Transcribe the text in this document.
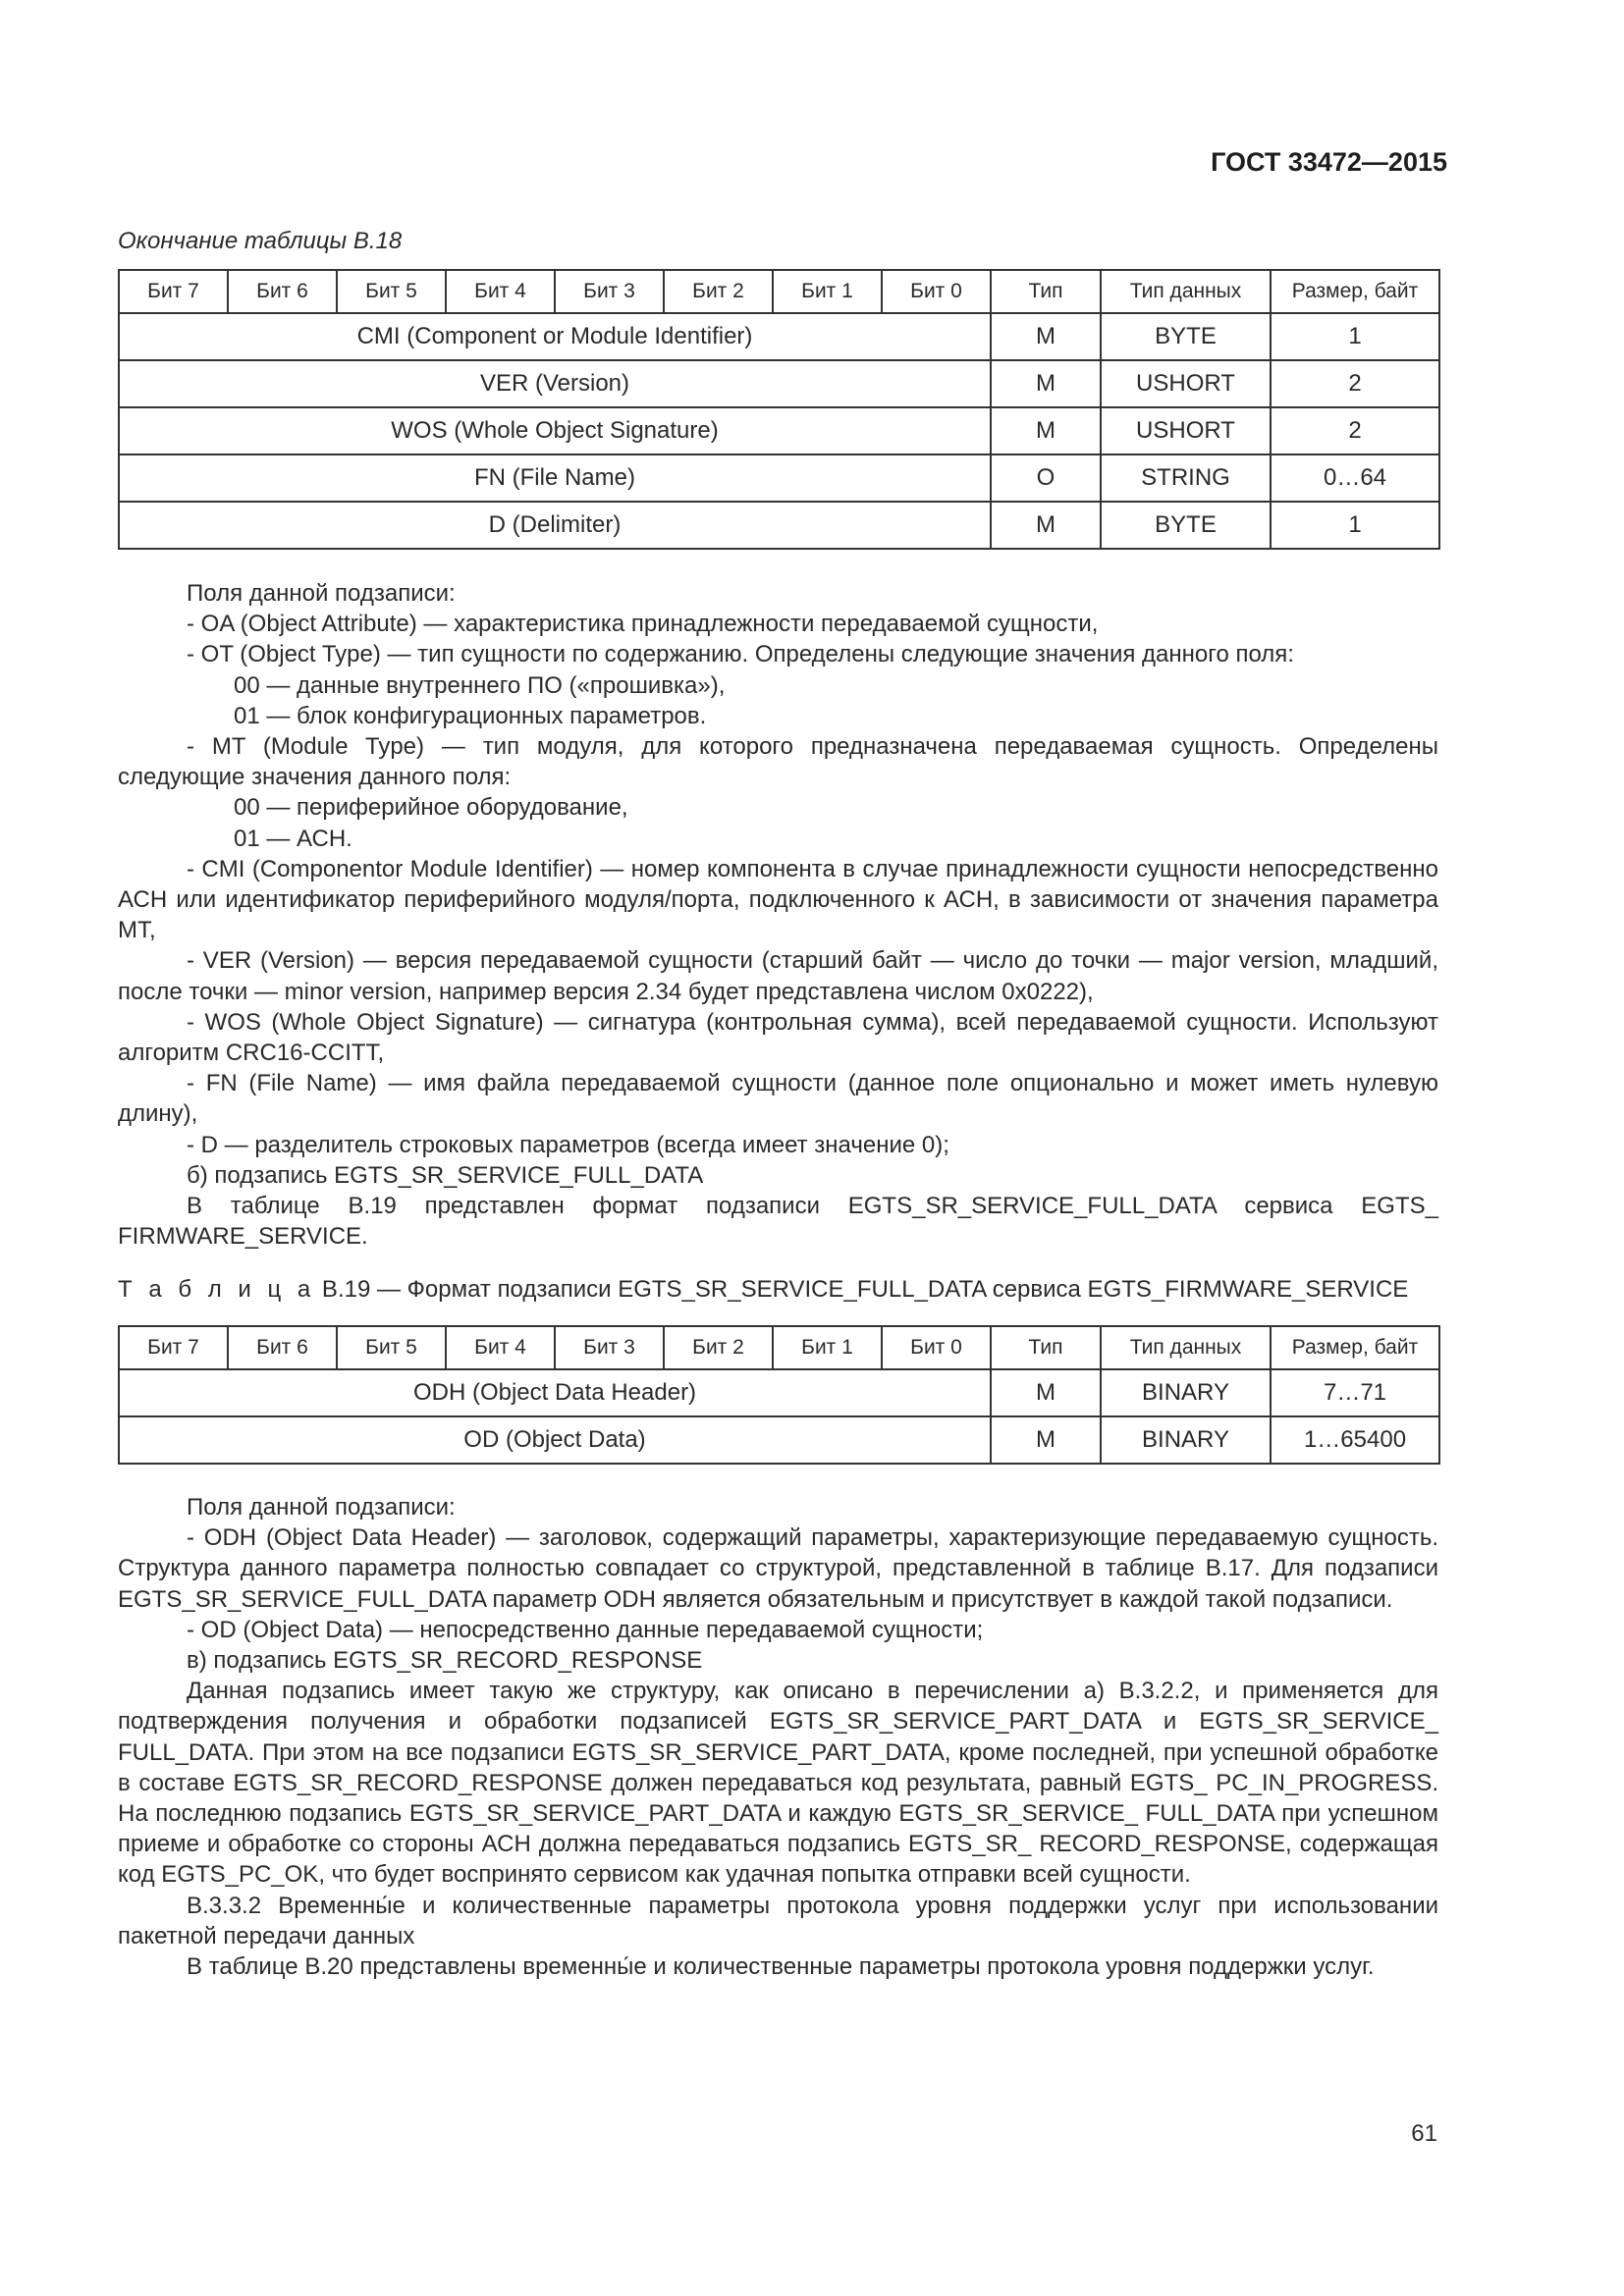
ГОСТ 33472—2015
Окончание таблицы В.18
Бит 7	Бит 6	Бит 5	Бит 4	Бит 3	Бит 2	Бит 1	Бит 0	Тип	Тип данных	Размер, байт
CMI (Component or Module Identifier)								M	BYTE	1
VER (Version)								M	USHORT	2
WOS (Whole Object Signature)								M	USHORT	2
FN (File Name)								O	STRING	0…64
D (Delimiter)								M	BYTE	1

Поля данной подзаписи:

- OA (Object Attribute) — характеристика принадлежности передаваемой сущности,

- OT (Object Type) — тип сущности по содержанию. Определены следующие значения данного поля:

00 — данные внутреннего ПО («прошивка»),

01 — блок конфигурационных параметров.

- MT (Module Type) — тип модуля, для которого предназначена передаваемая сущность. Определены следующие значения данного поля:

00 — периферийное оборудование,

01 — АСН.

- CMI (Componentor Module Identifier) — номер компонента в случае принадлежности сущности непосредственно АСН или идентификатор периферийного модуля/порта, подключенного к АСН, в зависимости от значения параметра MT,

- VER (Version) — версия передаваемой сущности (старший байт — число до точки — major version, младший, после точки — minor version, например версия 2.34 будет представлена числом 0x0222),

- WOS (Whole Object Signature) — сигнатура (контрольная сумма), всей передаваемой сущности. Используют алгоритм CRC16-CCITT,

- FN (File Name) — имя файла передаваемой сущности (данное поле опционально и может иметь нулевую длину),

- D — разделитель строковых параметров (всегда имеет значение 0);

б) подзапись EGTS_SR_SERVICE_FULL_DATA

В таблице В.19 представлен формат подзаписи EGTS_SR_SERVICE_FULL_DATA сервиса EGTS_ FIRMWARE_SERVICE.

Т а б л и ц а В.19 — Формат подзаписи EGTS_SR_SERVICE_FULL_DATA сервиса EGTS_FIRMWARE_SERVICE
Бит 7	Бит 6	Бит 5	Бит 4	Бит 3	Бит 2	Бит 1	Бит 0	Тип	Тип данных	Размер, байт
ODH (Object Data Header)								M	BINARY	7…71
OD (Object Data)								M	BINARY	1…65400

Поля данной подзаписи:

- ODH (Object Data Header) — заголовок, содержащий параметры, характеризующие передаваемую сущность. Структура данного параметра полностью совпадает со структурой, представленной в таблице В.17. Для подзаписи EGTS_SR_SERVICE_FULL_DATA параметр ODH является обязательным и присутствует в каждой такой подзаписи.

- OD (Object Data) — непосредственно данные передаваемой сущности;

в) подзапись EGTS_SR_RECORD_RESPONSE

Данная подзапись имеет такую же структуру, как описано в перечислении а) В.3.2.2, и применяется для подтверждения получения и обработки подзаписей EGTS_SR_SERVICE_PART_DATA и EGTS_SR_SERVICE_ FULL_DATA. При этом на все подзаписи EGTS_SR_SERVICE_PART_DATA, кроме последней, при успешной обработке в составе EGTS_SR_RECORD_RESPONSE должен передаваться код результата, равный EGTS_ PC_IN_PROGRESS. На последнюю подзапись EGTS_SR_SERVICE_PART_DATA и каждую EGTS_SR_SERVICE_ FULL_DATA при успешном приеме и обработке со стороны АСН должна передаваться подзапись EGTS_SR_ RECORD_RESPONSE, содержащая код EGTS_PC_OK, что будет воспринято сервисом как удачная попытка отправки всей сущности.

В.3.3.2 Временны́е и количественные параметры протокола уровня поддержки услуг при использовании пакетной передачи данных

В таблице В.20 представлены временны́е и количественные параметры протокола уровня поддержки услуг.

61
